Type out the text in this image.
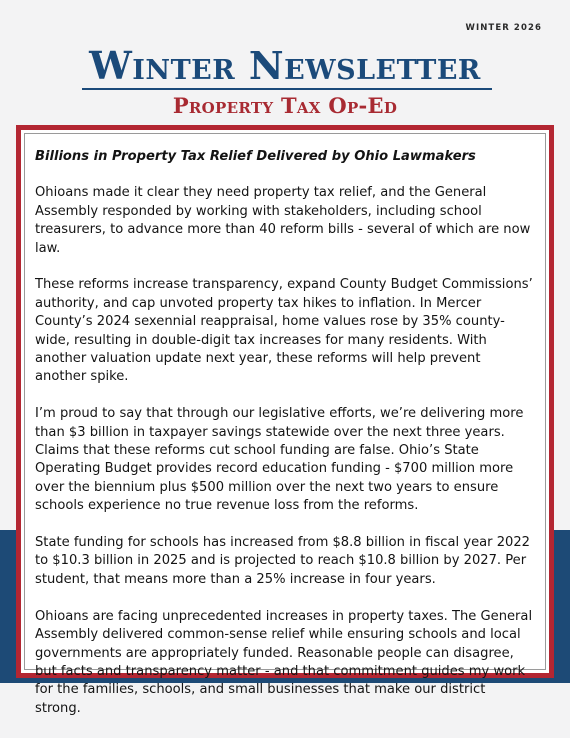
WINTER 2026
Winter Newsletter
Property Tax Op-Ed

Billions in Property Tax Relief Delivered by Ohio Lawmakers

Ohioans made it clear they need property tax relief, and the General Assembly responded by working with stakeholders, including school treasurers, to advance more than 40 reform bills - several of which are now law.

These reforms increase transparency, expand County Budget Commissions’ authority, and cap unvoted property tax hikes to inflation. In Mercer County’s 2024 sexennial reappraisal, home values rose by 35% county-wide, resulting in double-digit tax increases for many residents. With another valuation update next year, these reforms will help prevent another spike.

I’m proud to say that through our legislative efforts, we’re delivering more than $3 billion in taxpayer savings statewide over the next three years.

Claims that these reforms cut school funding are false. Ohio’s State Operating Budget provides record education funding - $700 million more over the biennium plus $500 million over the next two years to ensure schools experience no true revenue loss from the reforms.

State funding for schools has increased from $8.8 billion in fiscal year 2022 to $10.3 billion in 2025 and is projected to reach $10.8 billion by 2027. Per student, that means more than a 25% increase in four years.

Ohioans are facing unprecedented increases in property taxes. The General Assembly delivered common-sense relief while ensuring schools and local governments are appropriately funded. Reasonable people can disagree, but facts and transparency matter - and that commitment guides my work for the families, schools, and small businesses that make our district strong.
